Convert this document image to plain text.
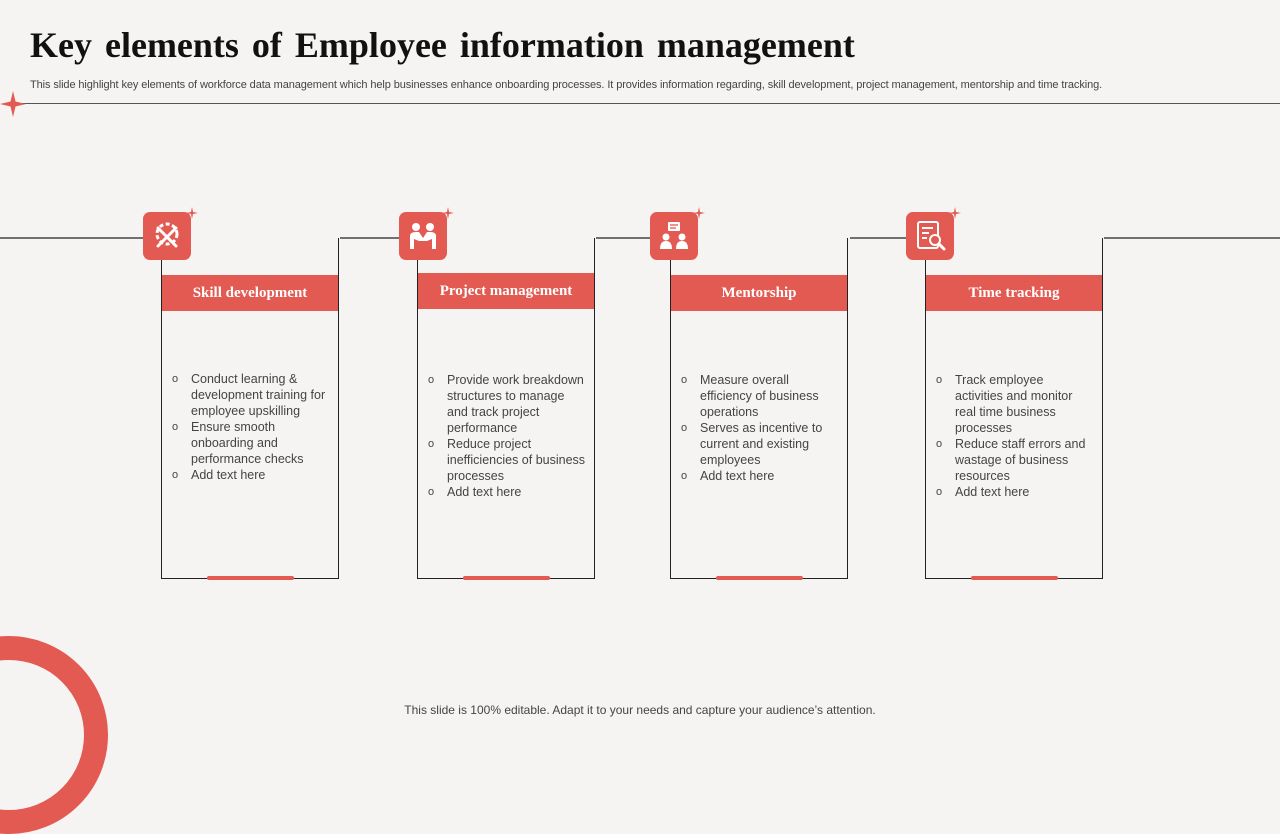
Key elements of Employee information management
This slide highlight key elements of workforce data management which help businesses enhance onboarding processes. It provides information regarding, skill development, project management, mentorship and time tracking.
Skill development
o Conduct learning & development training for employee upskilling
o Ensure smooth onboarding and performance checks
o Add text here
Project management
o Provide work breakdown structures to manage and track project performance
o Reduce project inefficiencies of business processes
o Add text here
Mentorship
o Measure overall efficiency of business operations
o Serves as incentive to current and existing employees
o Add text here
Time tracking
o Track employee activities and monitor real time business processes
o Reduce staff errors and wastage of business resources
o Add text here
This slide is 100% editable. Adapt it to your needs and capture your audience’s attention.
